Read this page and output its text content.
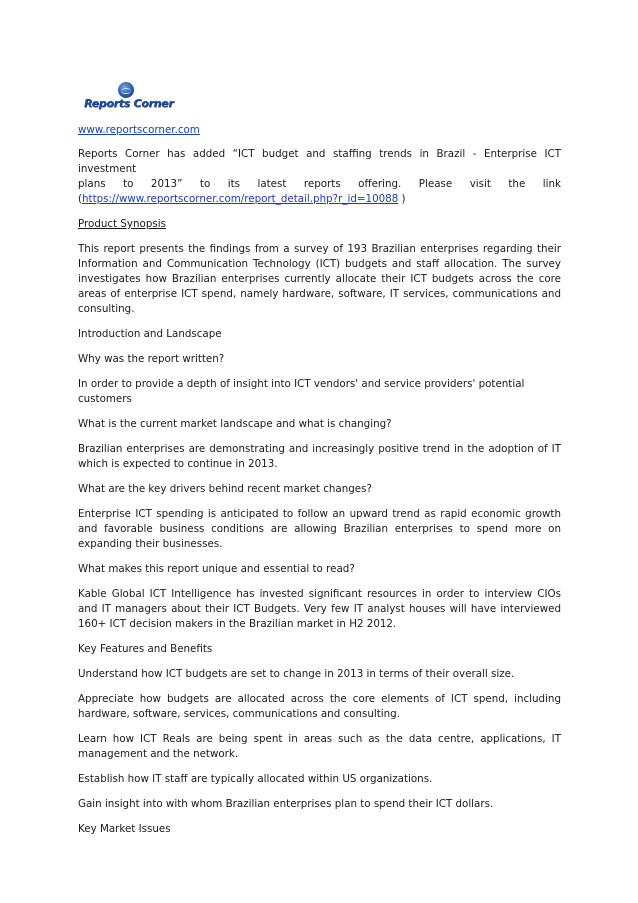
Reports Corner

www.reportscorner.com

Reports Corner has added “ICT budget and staffing trends in Brazil - Enterprise ICT investment
plans to 2013” to its latest reports offering. Please visit the link
(https://www.reportscorner.com/report_detail.php?r_id=10088 )

Product Synopsis

This report presents the findings from a survey of 193 Brazilian enterprises regarding their Information and Communication Technology (ICT) budgets and staff allocation. The survey investigates how Brazilian enterprises currently allocate their ICT budgets across the core areas of enterprise ICT spend, namely hardware, software, IT services, communications and consulting.

Introduction and Landscape

Why was the report written?

In order to provide a depth of insight into ICT vendors' and service providers' potential customers

What is the current market landscape and what is changing?

Brazilian enterprises are demonstrating and increasingly positive trend in the adoption of IT which is expected to continue in 2013.

What are the key drivers behind recent market changes?

Enterprise ICT spending is anticipated to follow an upward trend as rapid economic growth and favorable business conditions are allowing Brazilian enterprises to spend more on expanding their businesses.

What makes this report unique and essential to read?

Kable Global ICT Intelligence has invested significant resources in order to interview CIOs and IT managers about their ICT Budgets. Very few IT analyst houses will have interviewed 160+ ICT decision makers in the Brazilian market in H2 2012.

Key Features and Benefits

Understand how ICT budgets are set to change in 2013 in terms of their overall size.

Appreciate how budgets are allocated across the core elements of ICT spend, including hardware, software, services, communications and consulting.

Learn how ICT Reals are being spent in areas such as the data centre, applications, IT management and the network.

Establish how IT staff are typically allocated within US organizations.

Gain insight into with whom Brazilian enterprises plan to spend their ICT dollars.

Key Market Issues
